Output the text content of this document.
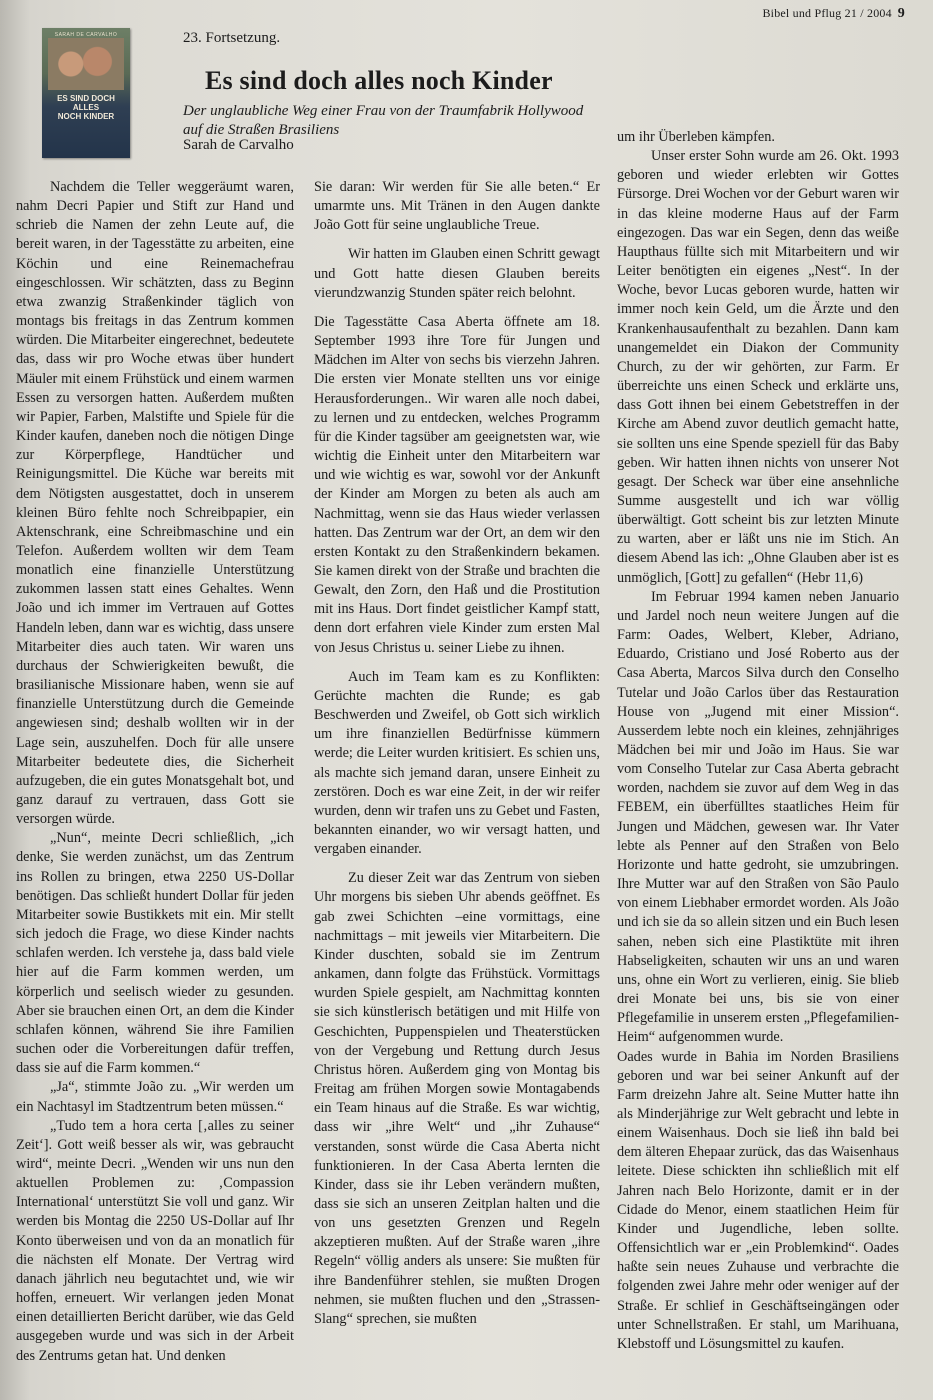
Bibel und Pflug 21 / 2004 9
SARAH DE CARVALHO
ES SIND DOCH ALLES
NOCH KINDER
23. Fortsetzung.
Es sind doch alles noch Kinder
Der unglaubliche Weg einer Frau von der Traumfabrik Hollywood auf die Straßen Brasiliens
Sarah de Carvalho

Nachdem die Teller weggeräumt waren, nahm Decri Papier und Stift zur Hand und schrieb die Namen der zehn Leute auf, die bereit waren, in der Tagesstätte zu arbeiten, eine Köchin und eine Reinemachefrau eingeschlossen. Wir schätzten, dass zu Beginn etwa zwanzig Straßenkinder täglich von montags bis freitags in das Zentrum kommen würden. Die Mitarbeiter eingerechnet, bedeutete das, dass wir pro Woche etwas über hundert Mäuler mit einem Frühstück und einem warmen Essen zu versorgen hatten. Außerdem mußten wir Papier, Farben, Malstifte und Spiele für die Kinder kaufen, daneben noch die nötigen Dinge zur Körperpflege, Handtücher und Reinigungsmittel. Die Küche war bereits mit dem Nötigsten ausgestattet, doch in unserem kleinen Büro fehlte noch Schreibpapier, ein Aktenschrank, eine Schreibmaschine und ein Telefon. Außerdem wollten wir dem Team monatlich eine finanzielle Unterstützung zukommen lassen statt eines Gehaltes. Wenn João und ich immer im Vertrauen auf Gottes Handeln leben, dann war es wichtig, dass unsere Mitarbeiter dies auch taten. Wir waren uns durchaus der Schwierigkeiten bewußt, die brasilianische Missionare haben, wenn sie auf finanzielle Unterstützung durch die Gemeinde angewiesen sind; deshalb wollten wir in der Lage sein, auszuhelfen. Doch für alle unsere Mitarbeiter bedeutete dies, die Sicherheit aufzugeben, die ein gutes Monatsgehalt bot, und ganz darauf zu vertrauen, dass Gott sie versorgen würde.

„Nun“, meinte Decri schließlich, „ich denke, Sie werden zunächst, um das Zentrum ins Rollen zu bringen, etwa 2250 US-Dollar benötigen. Das schließt hundert Dollar für jeden Mitarbeiter sowie Bustikkets mit ein. Mir stellt sich jedoch die Frage, wo diese Kinder nachts schlafen werden. Ich verstehe ja, dass bald viele hier auf die Farm kommen werden, um körperlich und seelisch wieder zu gesunden. Aber sie brauchen einen Ort, an dem die Kinder schlafen können, während Sie ihre Familien suchen oder die Vorbereitungen dafür treffen, dass sie auf die Farm kommen.“

„Ja“, stimmte João zu. „Wir werden um ein Nachtasyl im Stadtzentrum beten müssen.“

„Tudo tem a hora certa [‚alles zu seiner Zeit‘]. Gott weiß besser als wir, was gebraucht wird“, meinte Decri. „Wenden wir uns nun den aktuellen Problemen zu: ‚Compassion International‘ unterstützt Sie voll und ganz. Wir werden bis Montag die 2250 US-Dollar auf Ihr Konto überweisen und von da an monatlich für die nächsten elf Monate. Der Vertrag wird danach jährlich neu begutachtet und, wie wir hoffen, erneuert. Wir verlangen jeden Monat einen detaillierten Bericht darüber, wie das Geld ausgegeben wurde und was sich in der Arbeit des Zentrums getan hat. Und denken

Sie daran: Wir werden für Sie alle beten.“ Er umarmte uns. Mit Tränen in den Augen dankte João Gott für seine unglaubliche Treue.

Wir hatten im Glauben einen Schritt gewagt und Gott hatte diesen Glauben bereits vierundzwanzig Stunden später reich belohnt.

Die Tagesstätte Casa Aberta öffnete am 18. September 1993 ihre Tore für Jungen und Mädchen im Alter von sechs bis vierzehn Jahren. Die ersten vier Monate stellten uns vor einige Herausforderungen.. Wir waren alle noch dabei, zu lernen und zu entdecken, welches Programm für die Kinder tagsüber am geeignetsten war, wie wichtig die Einheit unter den Mitarbeitern war und wie wichtig es war, sowohl vor der Ankunft der Kinder am Morgen zu beten als auch am Nachmittag, wenn sie das Haus wieder verlassen hatten. Das Zentrum war der Ort, an dem wir den ersten Kontakt zu den Straßenkindern bekamen. Sie kamen direkt von der Straße und brachten die Gewalt, den Zorn, den Haß und die Prostitution mit ins Haus. Dort findet geistlicher Kampf statt, denn dort erfahren viele Kinder zum ersten Mal von Jesus Christus u. seiner Liebe zu ihnen.

Auch im Team kam es zu Konflikten: Gerüchte machten die Runde; es gab Beschwerden und Zweifel, ob Gott sich wirklich um ihre finanziellen Bedürfnisse kümmern werde; die Leiter wurden kritisiert. Es schien uns, als machte sich jemand daran, unsere Einheit zu zerstören. Doch es war eine Zeit, in der wir reifer wurden, denn wir trafen uns zu Gebet und Fasten, bekannten einander, wo wir versagt hatten, und vergaben einander.

Zu dieser Zeit war das Zentrum von sieben Uhr morgens bis sieben Uhr abends geöffnet. Es gab zwei Schichten –eine vormittags, eine nachmittags – mit jeweils vier Mitarbeitern. Die Kinder duschten, sobald sie im Zentrum ankamen, dann folgte das Frühstück. Vormittags wurden Spiele gespielt, am Nachmittag konnten sie sich künstlerisch betätigen und mit Hilfe von Geschichten, Puppenspielen und Theaterstücken von der Vergebung und Rettung durch Jesus Christus hören. Außerdem ging von Montag bis Freitag am frühen Morgen sowie Montagabends ein Team hinaus auf die Straße. Es war wichtig, dass wir „ihre Welt“ und „ihr Zuhause“ verstanden, sonst würde die Casa Aberta nicht funktionieren. In der Casa Aberta lernten die Kinder, dass sie ihr Leben verändern mußten, dass sie sich an unseren Zeitplan halten und die von uns gesetzten Grenzen und Regeln akzeptieren mußten. Auf der Straße waren „ihre Regeln“ völlig anders als unsere: Sie mußten für ihre Bandenführer stehlen, sie mußten Drogen nehmen, sie mußten fluchen und den „Strassen-Slang“ sprechen, sie mußten

um ihr Überleben kämpfen.

Unser erster Sohn wurde am 26. Okt. 1993 geboren und wieder erlebten wir Gottes Fürsorge. Drei Wochen vor der Geburt waren wir in das kleine moderne Haus auf der Farm eingezogen. Das war ein Segen, denn das weiße Haupthaus füllte sich mit Mitarbeitern und wir Leiter benötigten ein eigenes „Nest“. In der Woche, bevor Lucas geboren wurde, hatten wir immer noch kein Geld, um die Ärzte und den Krankenhausaufenthalt zu bezahlen. Dann kam unangemeldet ein Diakon der Community Church, zu der wir gehörten, zur Farm. Er überreichte uns einen Scheck und erklärte uns, dass Gott ihnen bei einem Gebetstreffen in der Kirche am Abend zuvor deutlich gemacht hatte, sie sollten uns eine Spende speziell für das Baby geben. Wir hatten ihnen nichts von unserer Not gesagt. Der Scheck war über eine ansehnliche Summe ausgestellt und ich war völlig überwältigt. Gott scheint bis zur letzten Minute zu warten, aber er läßt uns nie im Stich. An diesem Abend las ich: „Ohne Glauben aber ist es unmöglich, [Gott] zu gefallen“ (Hebr 11,6)

Im Februar 1994 kamen neben Januario und Jardel noch neun weitere Jungen auf die Farm: Oades, Welbert, Kleber, Adriano, Eduardo, Cristiano und José Roberto aus der Casa Aberta, Marcos Silva durch den Conselho Tutelar und João Carlos über das Restauration House von „Jugend mit einer Mission“. Ausserdem lebte noch ein kleines, zehnjähriges Mädchen bei mir und João im Haus. Sie war vom Conselho Tutelar zur Casa Aberta gebracht worden, nachdem sie zuvor auf dem Weg in das FEBEM, ein überfülltes staatliches Heim für Jungen und Mädchen, gewesen war. Ihr Vater lebte als Penner auf den Straßen von Belo Horizonte und hatte gedroht, sie umzubringen. Ihre Mutter war auf den Straßen von São Paulo von einem Liebhaber ermordet worden. Als João und ich sie da so allein sitzen und ein Buch lesen sahen, neben sich eine Plastiktüte mit ihren Habseligkeiten, schauten wir uns an und waren uns, ohne ein Wort zu verlieren, einig. Sie blieb drei Monate bei uns, bis sie von einer Pflegefamilie in unserem ersten „Pflegefamilien-Heim“ aufgenommen wurde.

Oades wurde in Bahia im Norden Brasiliens geboren und war bei seiner Ankunft auf der Farm dreizehn Jahre alt. Seine Mutter hatte ihn als Minderjährige zur Welt gebracht und lebte in einem Waisenhaus. Doch sie ließ ihn bald bei dem älteren Ehepaar zurück, das das Waisenhaus leitete. Diese schickten ihn schließlich mit elf Jahren nach Belo Horizonte, damit er in der Cidade do Menor, einem staatlichen Heim für Kinder und Jugendliche, leben sollte. Offensichtlich war er „ein Problemkind“. Oades haßte sein neues Zuhause und verbrachte die folgenden zwei Jahre mehr oder weniger auf der Straße. Er schlief in Geschäftseingängen oder unter Schnellstraßen. Er stahl, um Marihuana, Klebstoff und Lösungsmittel zu kaufen.
